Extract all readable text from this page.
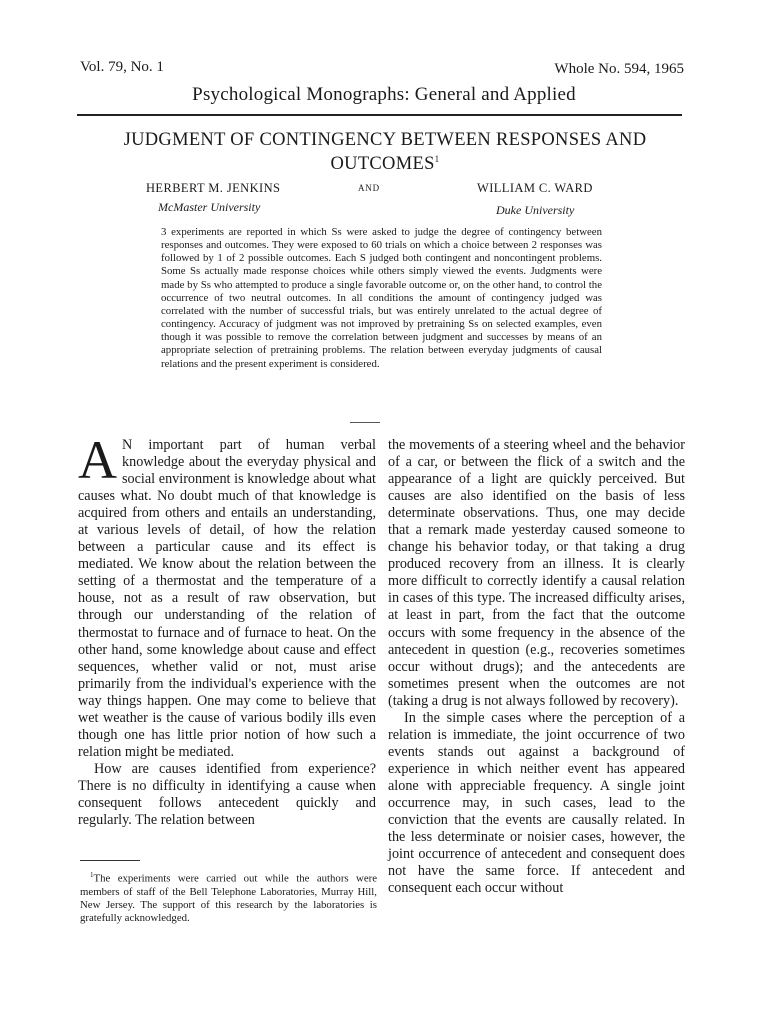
Vol. 79, No. 1	Whole No. 594, 1965
Psychological Monographs: General and Applied
JUDGMENT OF CONTINGENCY BETWEEN RESPONSES AND OUTCOMES$^1$
HERBERT M. JENKINS	AND	WILLIAM C. WARD
McMaster University	Duke University
3 experiments are reported in which Ss were asked to judge the degree of contingency between responses and outcomes. They were exposed to 60 trials on which a choice between 2 responses was followed by 1 of 2 possible outcomes. Each S judged both contingent and noncontingent problems. Some Ss actually made response choices while others simply viewed the events. Judgments were made by Ss who attempted to produce a single favorable outcome or, on the other hand, to control the occurrence of two neutral outcomes. In all conditions the amount of contingency judged was correlated with the number of successful trials, but was entirely unrelated to the actual degree of contingency. Accuracy of judgment was not improved by pretraining Ss on selected examples, even though it was possible to remove the correlation between judgment and successes by means of an appropriate selection of pretraining problems. The relation between everyday judgments of causal relations and the present experiment is considered.

A N important part of human verbal knowledge about the everyday physical and social environment is knowledge about what causes what. No doubt much of that knowledge is acquired from others and entails an understanding, at various levels of detail, of how the relation between a particular cause and its effect is mediated. We know about the relation between the setting of a thermostat and the temperature of a house, not as a result of raw observation, but through our understanding of the relation of thermostat to furnace and of furnace to heat. On the other hand, some knowledge about cause and effect sequences, whether valid or not, must arise primarily from the individual's experience with the way things happen. One may come to believe that wet weather is the cause of various bodily ills even though one has little prior notion of how such a relation might be mediated.

How are causes identified from experience? There is no difficulty in identifying a cause when consequent follows antecedent quickly and regularly. The relation between

the movements of a steering wheel and the behavior of a car, or between the flick of a switch and the appearance of a light are quickly perceived. But causes are also identified on the basis of less determinate observations. Thus, one may decide that a remark made yesterday caused someone to change his behavior today, or that taking a drug produced recovery from an illness. It is clearly more difficult to correctly identify a causal relation in cases of this type. The increased difficulty arises, at least in part, from the fact that the outcome occurs with some frequency in the absence of the antecedent in question (e.g., recoveries sometimes occur without drugs); and the antecedents are sometimes present when the outcomes are not (taking a drug is not always followed by recovery).

In the simple cases where the perception of a relation is immediate, the joint occurrence of two events stands out against a background of experience in which neither event has appeared alone with appreciable frequency. A single joint occurrence may, in such cases, lead to the conviction that the events are causally related. In the less determinate or noisier cases, however, the joint occurrence of antecedent and consequent does not have the same force. If antecedent and consequent each occur without

$^1$The experiments were carried out while the authors were members of staff of the Bell Telephone Laboratories, Murray Hill, New Jersey. The support of this research by the laboratories is gratefully acknowledged.
